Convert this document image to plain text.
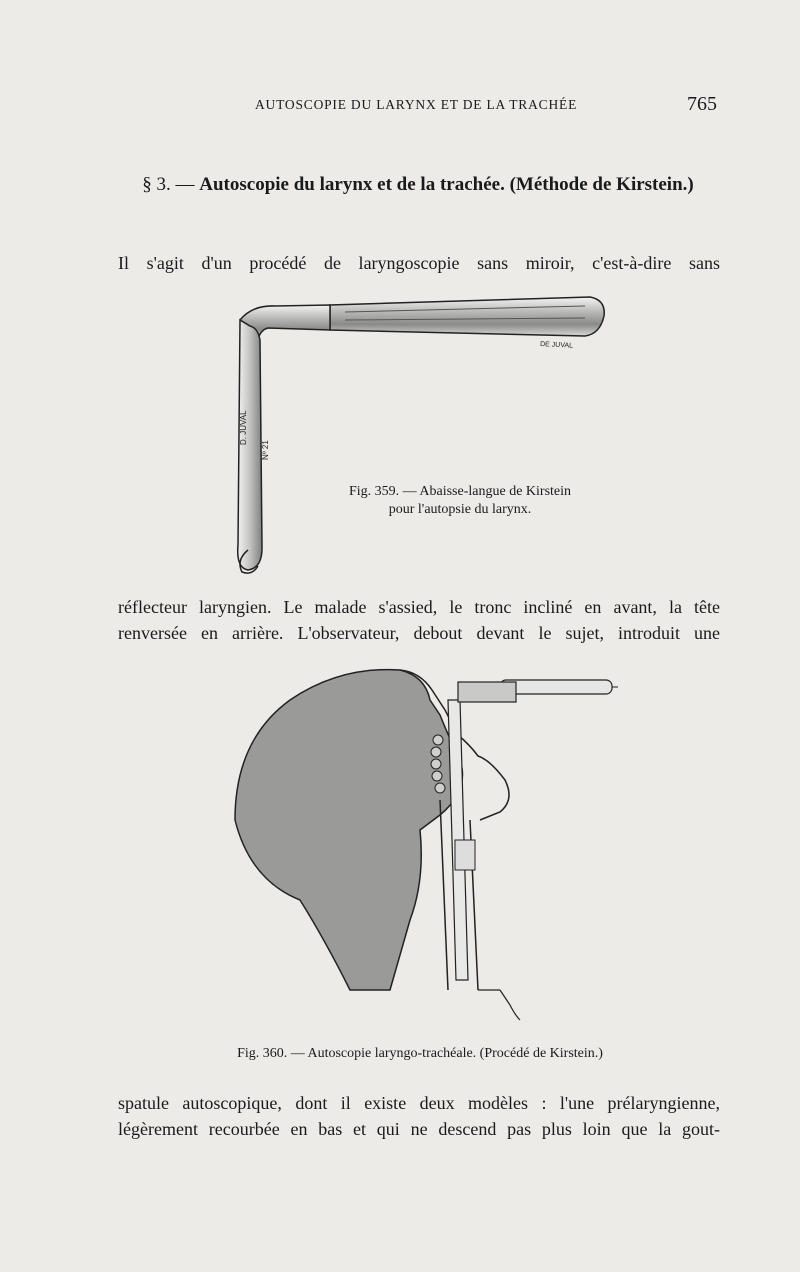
AUTOSCOPIE DU LARYNX ET DE LA TRACHÉE	765
§ 3. — Autoscopie du larynx et de la trachée. (Méthode de Kirstein.)
Il s'agit d'un procédé de laryngoscopie sans miroir, c'est-à-dire sans
DE JUVAL
D. JUVAL
Nº 21
Fig. 359. — Abaisse-langue de Kirstein
pour l'autopsie du larynx.
réflecteur laryngien. Le malade s'assied, le tronc incliné en avant, la tête
renversée en arrière. L'observateur, debout devant le sujet, introduit une
Fig. 360. — Autoscopie laryngo-trachéale. (Procédé de Kirstein.)
spatule autoscopique, dont il existe deux modèles : l'une prélaryngienne,
légèrement recourbée en bas et qui ne descend pas plus loin que la gout-
